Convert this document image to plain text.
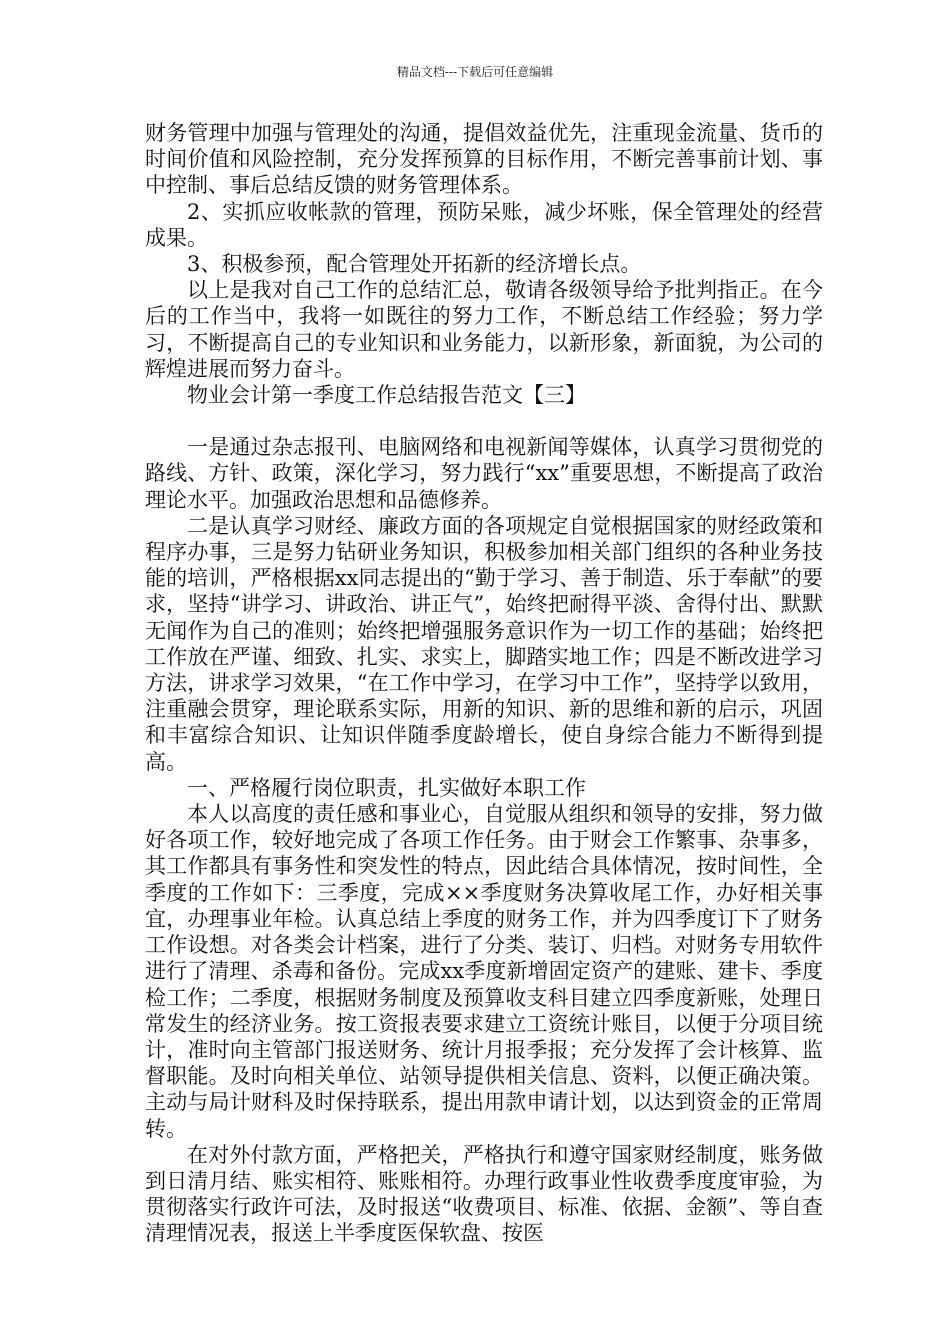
精品文档---下载后可任意编辑

财务管理中加强与管理处的沟通，提倡效益优先，注重现金流量、货币的时间价值和风险控制，充分发挥预算的目标作用，不断完善事前计划、事中控制、事后总结反馈的财务管理体系。

2、实抓应收帐款的管理，预防呆账，减少坏账，保全管理处的经营成果。

3、积极参预，配合管理处开拓新的经济增长点。

以上是我对自己工作的总结汇总，敬请各级领导给予批判指正。在今后的工作当中，我将一如既往的努力工作，不断总结工作经验；努力学习，不断提高自己的专业知识和业务能力，以新形象，新面貌，为公司的辉煌进展而努力奋斗。

物业会计第一季度工作总结报告范文【三】

一是通过杂志报刊、电脑网络和电视新闻等媒体，认真学习贯彻党的路线、方针、政策，深化学习，努力践行“xx”重要思想，不断提高了政治理论水平。加强政治思想和品德修养。

二是认真学习财经、廉政方面的各项规定自觉根据国家的财经政策和程序办事，三是努力钻研业务知识，积极参加相关部门组织的各种业务技能的培训，严格根据xx同志提出的“勤于学习、善于制造、乐于奉献”的要求，坚持“讲学习、讲政治、讲正气”，始终把耐得平淡、舍得付出、默默无闻作为自己的准则；始终把增强服务意识作为一切工作的基础；始终把工作放在严谨、细致、扎实、求实上，脚踏实地工作；四是不断改进学习方法，讲求学习效果，“在工作中学习，在学习中工作”，坚持学以致用，注重融会贯穿，理论联系实际，用新的知识、新的思维和新的启示，巩固和丰富综合知识、让知识伴随季度龄增长，使自身综合能力不断得到提高。

一、严格履行岗位职责，扎实做好本职工作

本人以高度的责任感和事业心，自觉服从组织和领导的安排，努力做好各项工作，较好地完成了各项工作任务。由于财会工作繁事、杂事多，其工作都具有事务性和突发性的特点，因此结合具体情况，按时间性，全季度的工作如下：三季度，完成××季度财务决算收尾工作，办好相关事宜，办理事业年检。认真总结上季度的财务工作，并为四季度订下了财务工作设想。对各类会计档案，进行了分类、装订、归档。对财务专用软件进行了清理、杀毒和备份。完成xx季度新增固定资产的建账、建卡、季度检工作；二季度，根据财务制度及预算收支科目建立四季度新账，处理日常发生的经济业务。按工资报表要求建立工资统计账目，以便于分项目统计，准时向主管部门报送财务、统计月报季报；充分发挥了会计核算、监督职能。及时向相关单位、站领导提供相关信息、资料，以便正确决策。主动与局计财科及时保持联系，提出用款申请计划，以达到资金的正常周转。

在对外付款方面，严格把关，严格执行和遵守国家财经制度，账务做到日清月结、账实相符、账账相符。办理行政事业性收费季度度审验，为贯彻落实行政许可法，及时报送“收费项目、标准、依据、金额”、等自查清理情况表，报送上半季度医保软盘、按医
